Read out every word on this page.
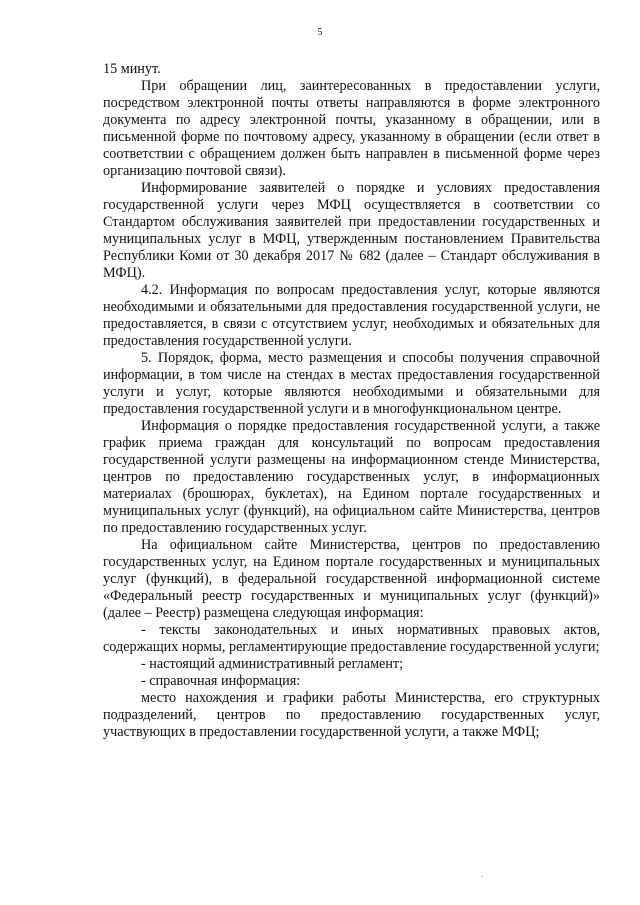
5

15 минут.

При обращении лиц, заинтересованных в предоставлении услуги, посредством электронной почты ответы направляются в форме электронного документа по адресу электронной почты, указанному в обращении, или в письменной форме по почтовому адресу, указанному в обращении (если ответ в соответствии с обращением должен быть направлен в письменной форме через организацию почтовой связи).

Информирование заявителей о порядке и условиях предоставления государственной услуги через МФЦ осуществляется в соответствии со Стандартом обслуживания заявителей при предоставлении государственных и муниципальных услуг в МФЦ, утвержденным постановлением Правительства Республики Коми от 30 декабря 2017 № 682 (далее – Стандарт обслуживания в МФЦ).

4.2. Информация по вопросам предоставления услуг, которые являются необходимыми и обязательными для предоставления государственной услуги, не предоставляется, в связи с отсутствием услуг, необходимых и обязательных для предоставления государственной услуги.

5. Порядок, форма, место размещения и способы получения справочной информации, в том числе на стендах в местах предоставления государственной услуги и услуг, которые являются необходимыми и обязательными для предоставления государственной услуги и в многофункциональном центре.

Информация о порядке предоставления государственной услуги, а также график приема граждан для консультаций по вопросам предоставления государственной услуги размещены на информационном стенде Министерства, центров по предоставлению государственных услуг, в информационных материалах (брошюрах, буклетах), на Едином портале государственных и муниципальных услуг (функций), на официальном сайте Министерства, центров по предоставлению государственных услуг.

На официальном сайте Министерства, центров по предоставлению государственных услуг, на Едином портале государственных и муниципальных услуг (функций), в федеральной государственной информационной системе «Федеральный реестр государственных и муниципальных услуг (функций)» (далее – Реестр) размещена следующая информация:

- тексты законодательных и иных нормативных правовых актов, содержащих нормы, регламентирующие предоставление государственной услуги;

- настоящий административный регламент;

- справочная информация:

место нахождения и графики работы Министерства, его структурных подразделений, центров по предоставлению государственных услуг, участвующих в предоставлении государственной услуги, а также МФЦ;

.
